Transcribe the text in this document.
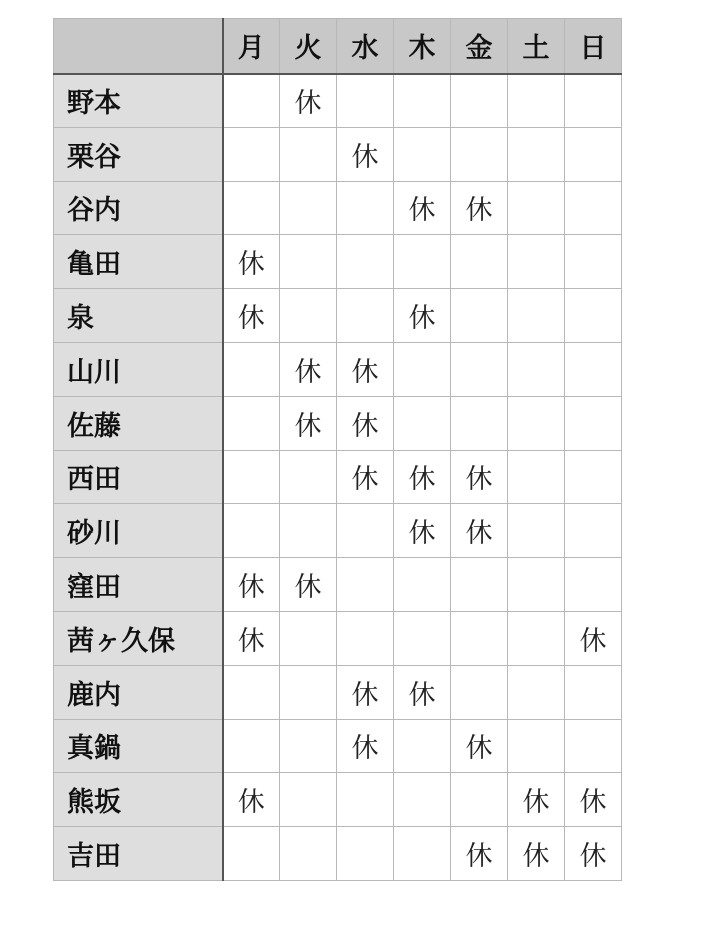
	月	火	水	木	金	土	日
野本		休					
栗谷			休				
谷内				休	休		
亀田	休						
泉	休			休			
山川		休	休				
佐藤		休	休				
西田			休	休	休		
砂川				休	休		
窪田	休	休					
茜ヶ久保	休						休
鹿内			休	休			
真鍋			休		休		
熊坂	休					休	休
吉田					休	休	休
